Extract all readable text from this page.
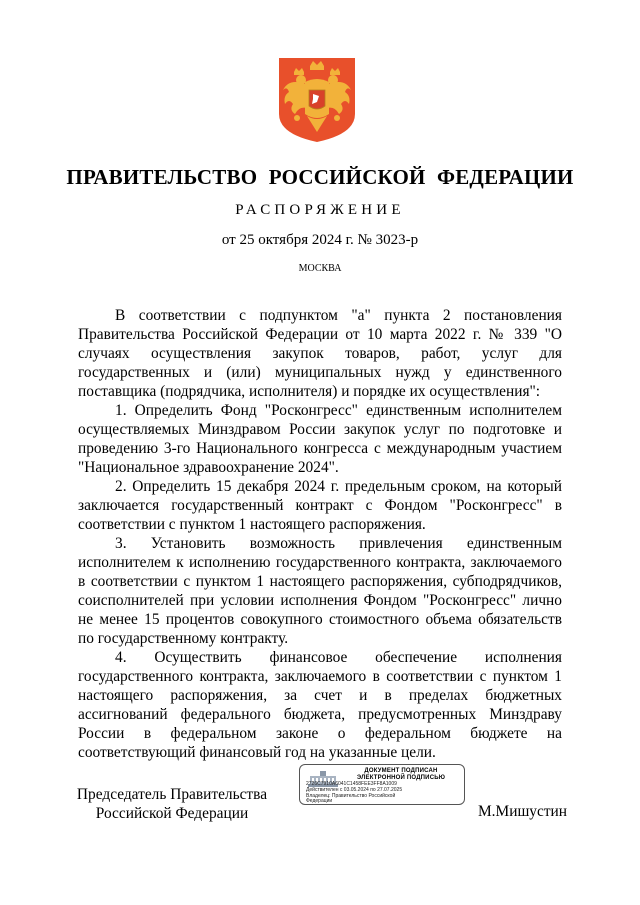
ПРАВИТЕЛЬСТВО РОССИЙСКОЙ ФЕДЕРАЦИИ
РАСПОРЯЖЕНИЕ
от 25 октября 2024 г. № 3023-р
МОСКВА

В соответствии с подпунктом "а" пункта 2 постановления Правительства Российской Федерации от 10 марта 2022 г. № 339 "О случаях осуществления закупок товаров, работ, услуг для государственных и (или) муниципальных нужд у единственного поставщика (подрядчика, исполнителя) и порядке их осуществления":

1. Определить Фонд "Росконгресс" единственным исполнителем осуществляемых Минздравом России закупок услуг по подготовке и проведению 3-го Национального конгресса с международным участием "Национальное здравоохранение 2024".

2. Определить 15 декабря 2024 г. предельным сроком, на который заключается государственный контракт с Фондом "Росконгресс" в соответствии с пунктом 1 настоящего распоряжения.

3. Установить возможность привлечения единственным исполнителем к исполнению государственного контракта, заключаемого в соответствии с пунктом 1 настоящего распоряжения, субподрядчиков, соисполнителей при условии исполнения Фондом "Росконгресс" лично не менее 15 процентов совокупного стоимостного объема обязательств по государственному контракту.

4. Осуществить финансовое обеспечение исполнения государственного контракта, заключаемого в соответствии с пунктом 1 настоящего распоряжения, за счет и в пределах бюджетных ассигнований федерального бюджета, предусмотренных Минздраву России в федеральном законе о федеральном бюджете на соответствующий финансовый год на указанные цели.

Председатель Правительства
Российской Федерации
ДОКУМЕНТ ПОДПИСАН
ЭЛЕКТРОННОЙ ПОДПИСЬЮ
2726C7910A6041C1458FEE3FF8A1009
Действителен с 03.05.2024 по 27.07.2025
Владелец: Правительство Российской
Федерации
М.Мишустин
